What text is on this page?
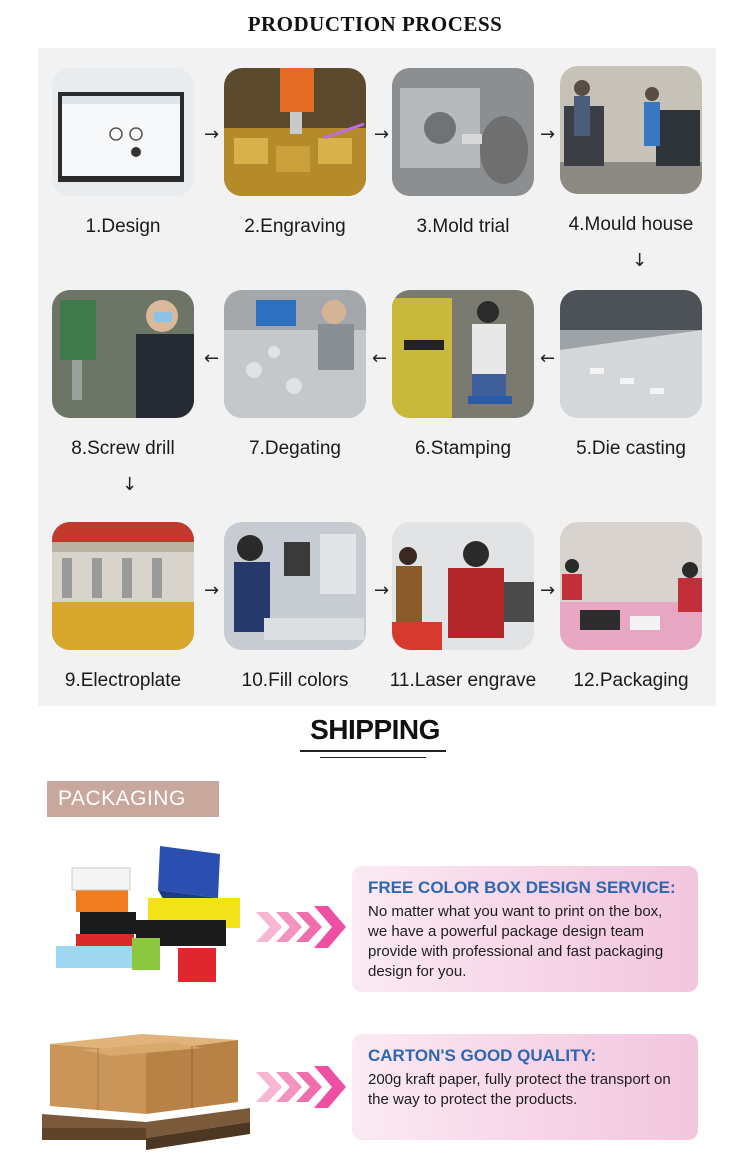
PRODUCTION PROCESS
1.Design
→
2.Engraving
→
3.Mold trial
→
4.Mould house
↓
8.Screw drill
←
7.Degating
←
6.Stamping
←
5.Die casting
↓
9.Electroplate
→
10.Fill colors
→
11.Laser engrave
→
12.Packaging
SHIPPING
PACKAGING
FREE COLOR BOX DESIGN SERVICE:
No matter what you want to print on the box, we have a powerful package design team provide with professional and fast packaging design for you.
CARTON'S GOOD QUALITY:
200g kraft paper, fully protect the transport on the way to protect the products.
